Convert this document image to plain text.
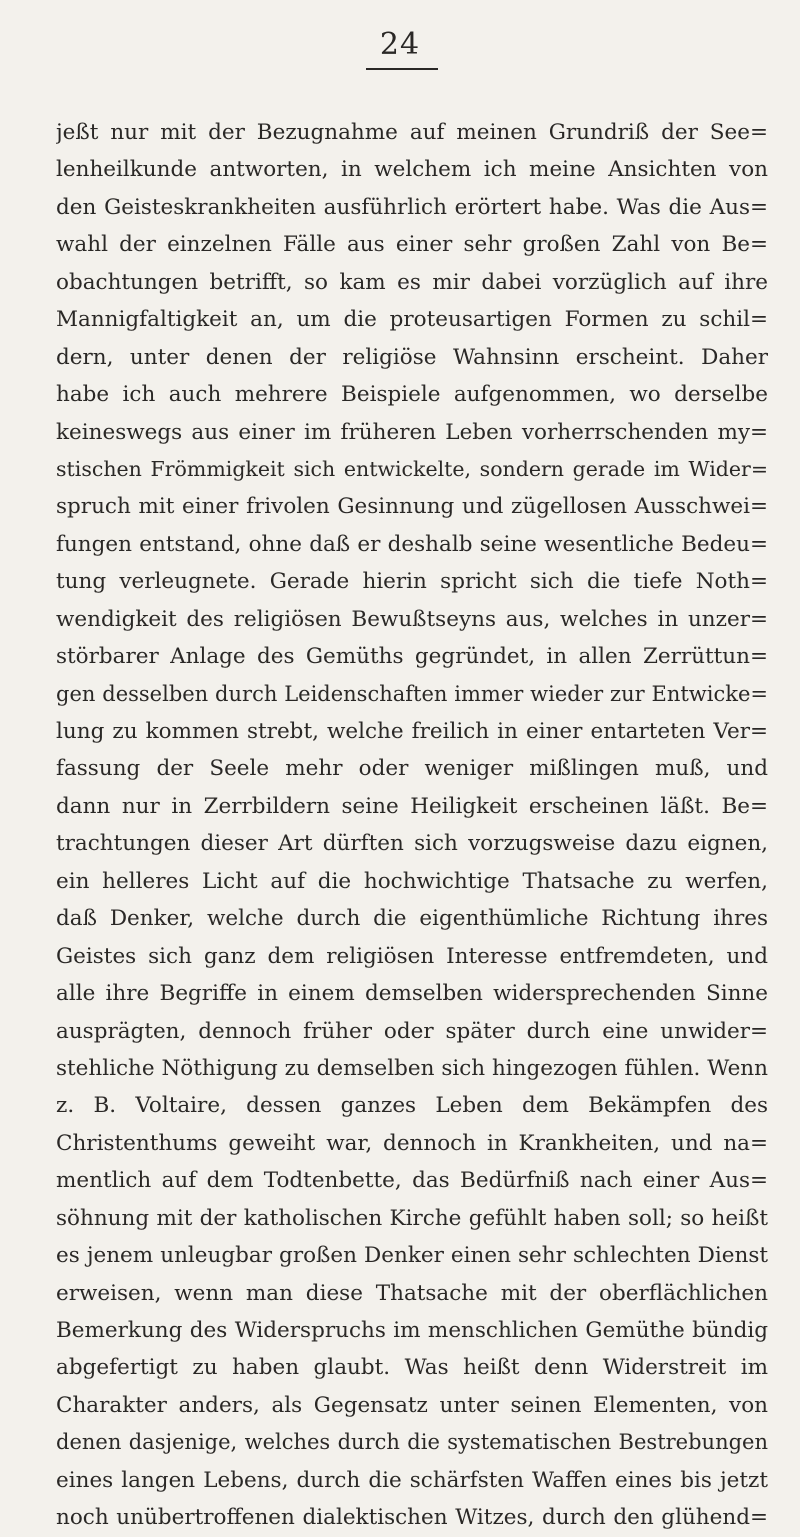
24
jeßt nur mit der Bezugnahme auf meinen Grundriß der See=
lenheilkunde antworten, in welchem ich meine Ansichten von
den Geisteskrankheiten ausführlich erörtert habe. Was die Aus=
wahl der einzelnen Fälle aus einer sehr großen Zahl von Be=
obachtungen betrifft, so kam es mir dabei vorzüglich auf ihre
Mannigfaltigkeit an, um die proteusartigen Formen zu schil=
dern, unter denen der religiöse Wahnsinn erscheint. Daher
habe ich auch mehrere Beispiele aufgenommen, wo derselbe
keineswegs aus einer im früheren Leben vorherrschenden my=
stischen Frömmigkeit sich entwickelte, sondern gerade im Wider=
spruch mit einer frivolen Gesinnung und zügellosen Ausschwei=
fungen entstand, ohne daß er deshalb seine wesentliche Bedeu=
tung verleugnete. Gerade hierin spricht sich die tiefe Noth=
wendigkeit des religiösen Bewußtseyns aus, welches in unzer=
störbarer Anlage des Gemüths gegründet, in allen Zerrüttun=
gen desselben durch Leidenschaften immer wieder zur Entwicke=
lung zu kommen strebt, welche freilich in einer entarteten Ver=
fassung der Seele mehr oder weniger mißlingen muß, und
dann nur in Zerrbildern seine Heiligkeit erscheinen läßt. Be=
trachtungen dieser Art dürften sich vorzugsweise dazu eignen,
ein helleres Licht auf die hochwichtige Thatsache zu werfen,
daß Denker, welche durch die eigenthümliche Richtung ihres
Geistes sich ganz dem religiösen Interesse entfremdeten, und
alle ihre Begriffe in einem demselben widersprechenden Sinne
ausprägten, dennoch früher oder später durch eine unwider=
stehliche Nöthigung zu demselben sich hingezogen fühlen. Wenn
z. B. Voltaire, dessen ganzes Leben dem Bekämpfen des
Christenthums geweiht war, dennoch in Krankheiten, und na=
mentlich auf dem Todtenbette, das Bedürfniß nach einer Aus=
söhnung mit der katholischen Kirche gefühlt haben soll; so heißt
es jenem unleugbar großen Denker einen sehr schlechten Dienst
erweisen, wenn man diese Thatsache mit der oberflächlichen
Bemerkung des Widerspruchs im menschlichen Gemüthe bündig
abgefertigt zu haben glaubt. Was heißt denn Widerstreit im
Charakter anders, als Gegensatz unter seinen Elementen, von
denen dasjenige, welches durch die systematischen Bestrebungen
eines langen Lebens, durch die schärfsten Waffen eines bis jetzt
noch unübertroffenen dialektischen Witzes, durch den glühend=
